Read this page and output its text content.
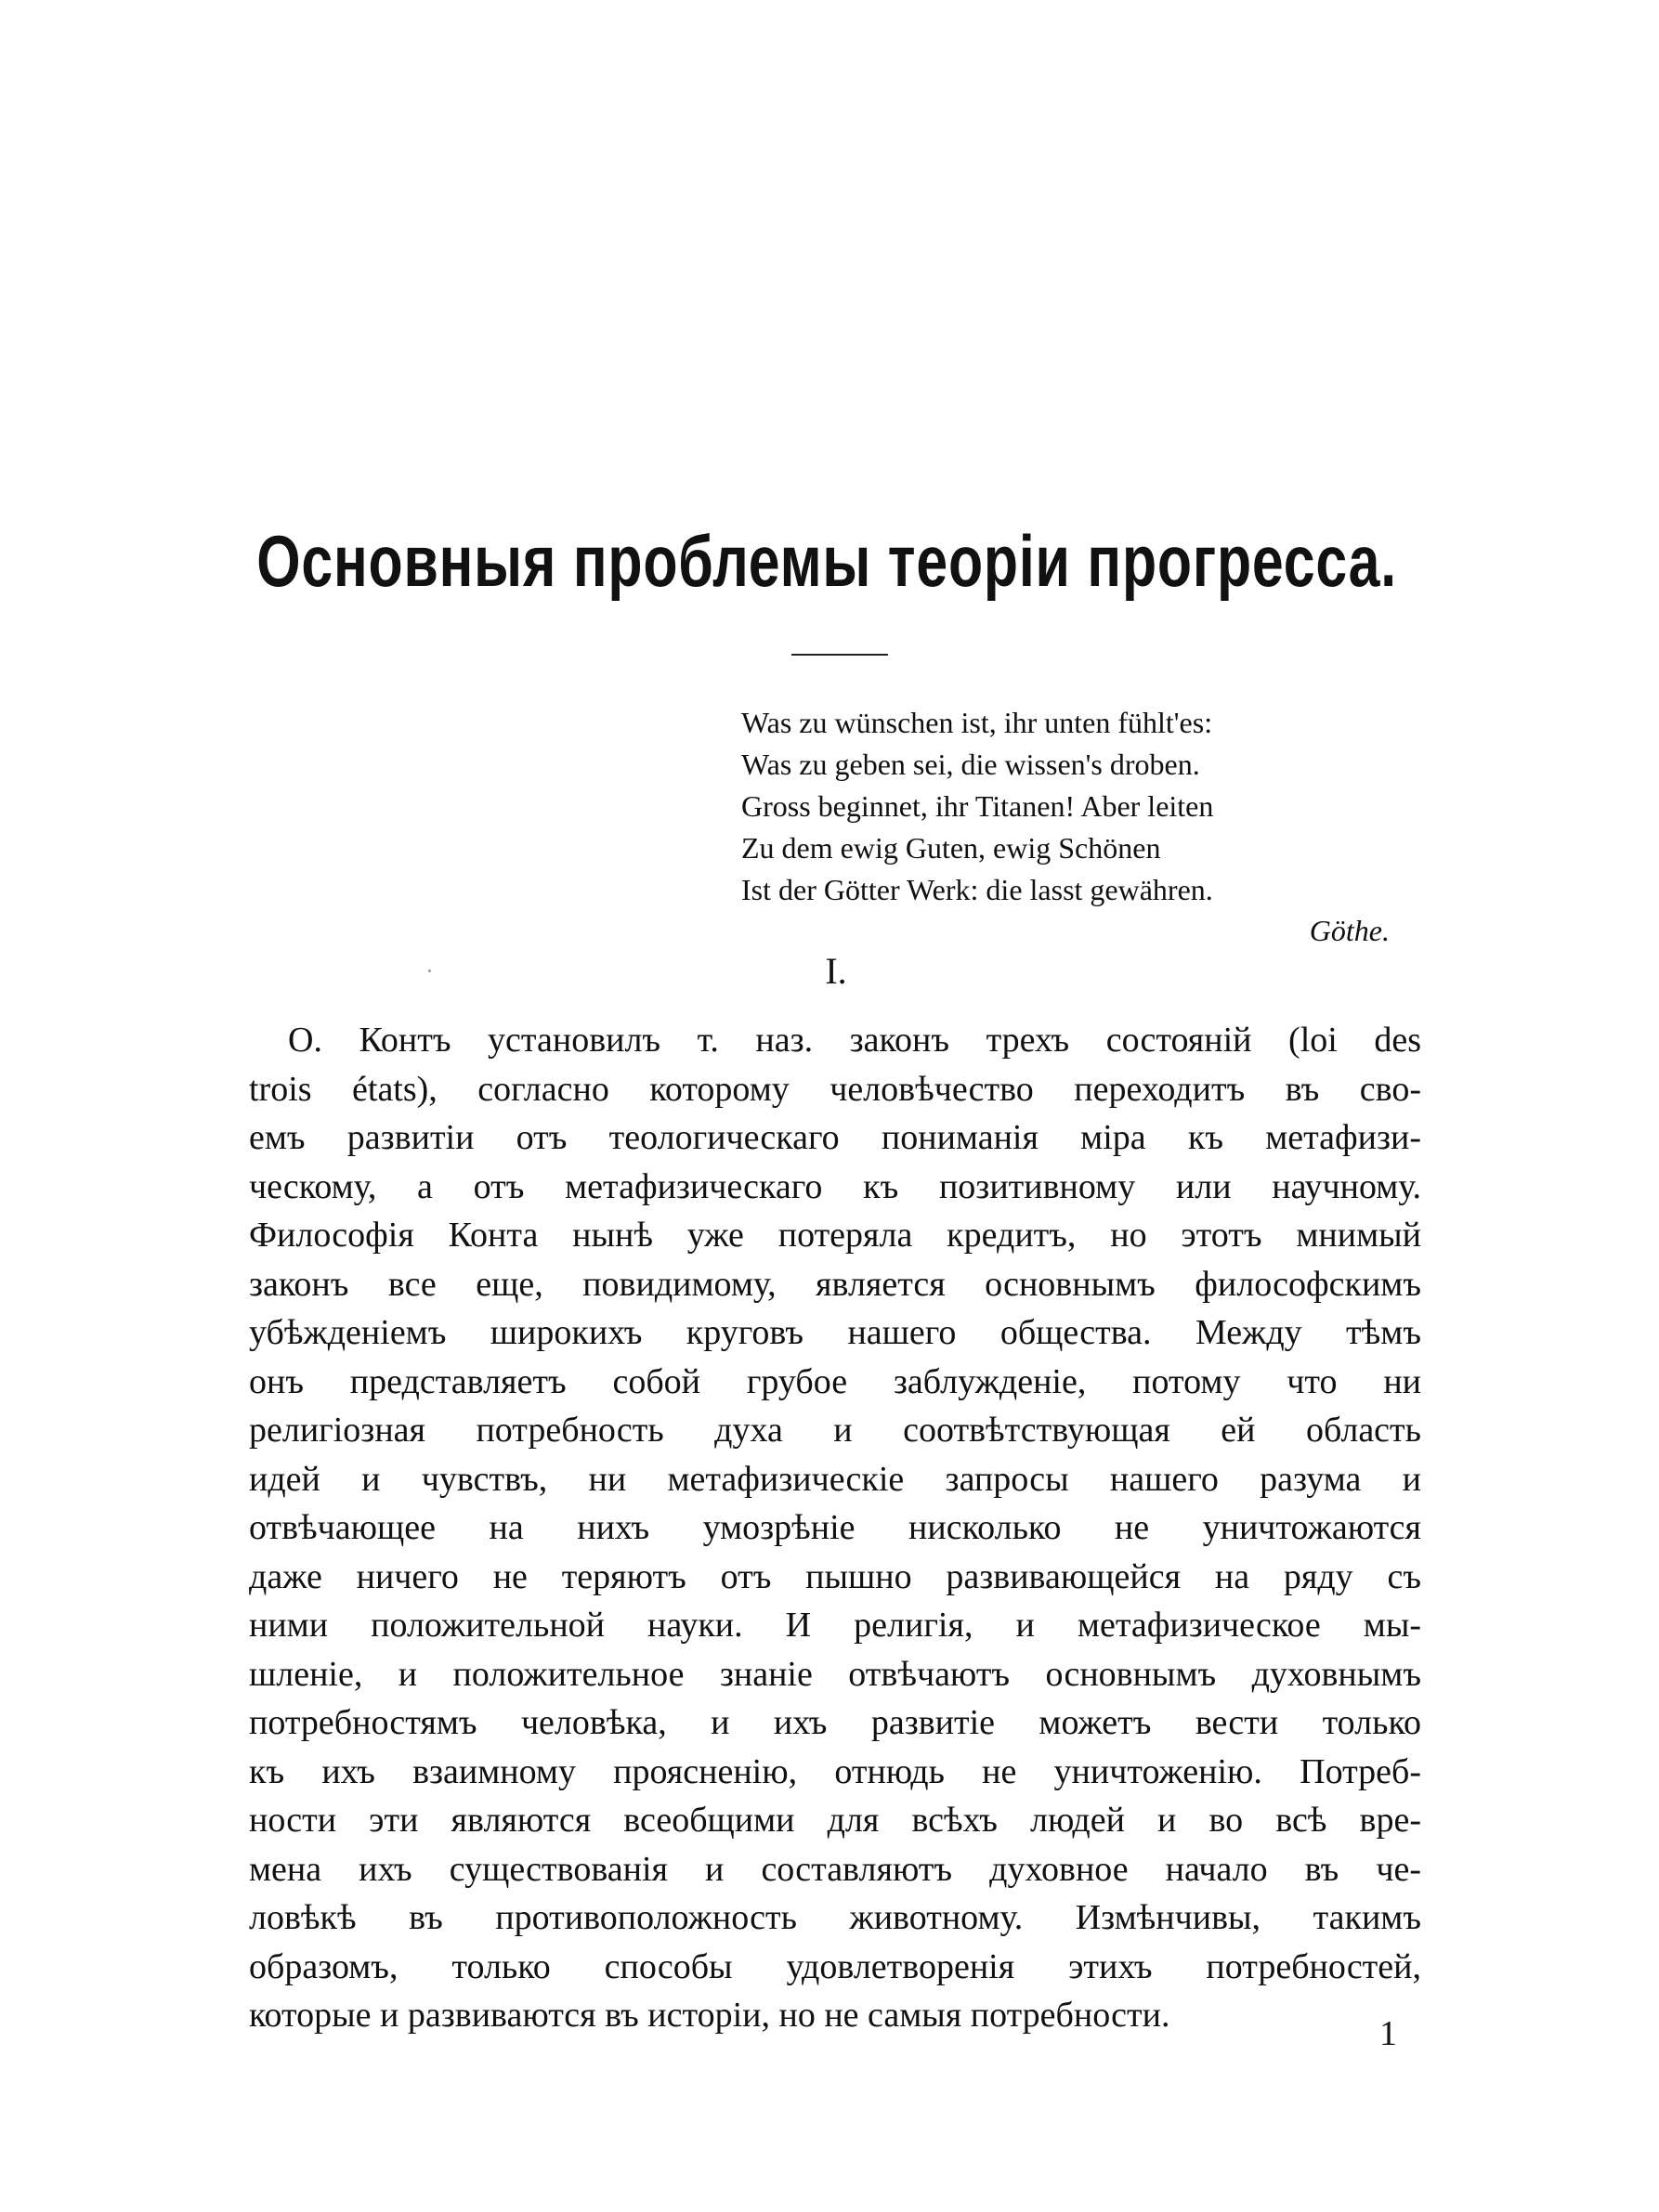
Основныя проблемы теоріи прогресса.
Was zu wünschen ist, ihr unten fühlt'es:
Was zu geben sei, die wissen's droben.
Gross beginnet, ihr Titanen! Aber leiten
Zu dem ewig Guten, ewig Schönen
Ist der Götter Werk: die lasst gewähren.
Göthe.
I.
О. Контъ установилъ т. наз. законъ трехъ состояній (loi des
trois états), согласно которому человѣчество переходитъ въ сво-
емъ развитіи отъ теологическаго пониманія міра къ метафизи-
ческому, а отъ метафизическаго къ позитивному или научному.
Философія Конта нынѣ уже потеряла кредитъ, но этотъ мнимый
законъ все еще, повидимому, является основнымъ философскимъ
убѣжденіемъ широкихъ круговъ нашего общества. Между тѣмъ
онъ представляетъ собой грубое заблужденіе, потому что ни
религіозная потребность духа и соотвѣтствующая ей область
идей и чувствъ, ни метафизическіе запросы нашего разума и
отвѣчающее на нихъ умозрѣніе нисколько не уничтожаются
даже ничего не теряютъ отъ пышно развивающейся на ряду съ
ними положительной науки. И религія, и метафизическое мы-
шленіе, и положительное знаніе отвѣчаютъ основнымъ духовнымъ
потребностямъ человѣка, и ихъ развитіе можетъ вести только
къ ихъ взаимному проясненію, отнюдь не уничтоженію. Потреб-
ности эти являются всеобщими для всѣхъ людей и во всѣ вре-
мена ихъ существованія и составляютъ духовное начало въ че-
ловѣкѣ въ противоположность животному. Измѣнчивы, такимъ
образомъ, только способы удовлетворенія этихъ потребностей,
которые и развиваются въ исторіи, но не самыя потребности.	1
